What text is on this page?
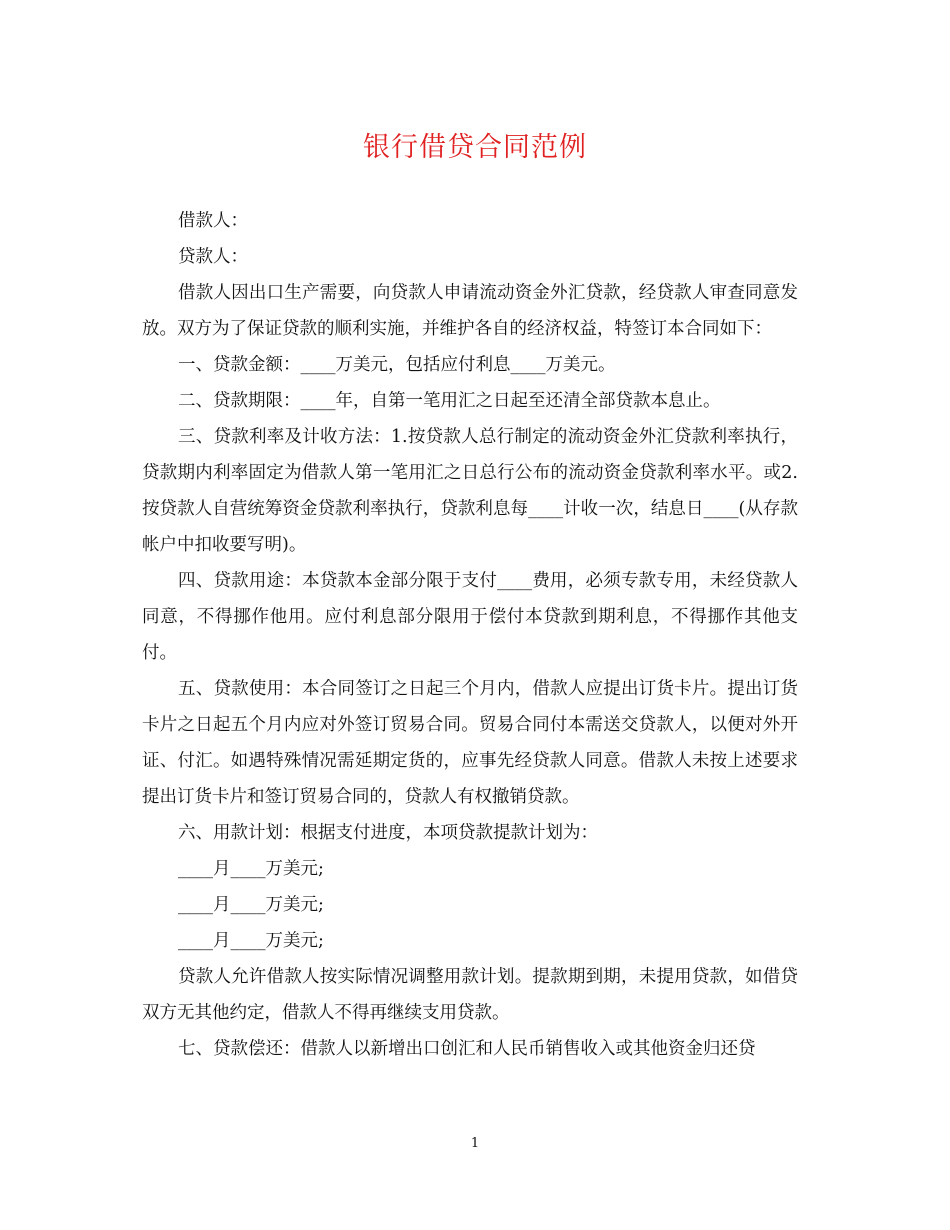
银行借贷合同范例

借款人：

贷款人：

借款人因出口生产需要，向贷款人申请流动资金外汇贷款，经贷款人审查同意发放。双方为了保证贷款的顺利实施，并维护各自的经济权益，特签订本合同如下：

一、贷款金额：____万美元，包括应付利息____万美元。

二、贷款期限：____年，自第一笔用汇之日起至还清全部贷款本息止。

三、贷款利率及计收方法：1.按贷款人总行制定的流动资金外汇贷款利率执行，贷款期内利率固定为借款人第一笔用汇之日总行公布的流动资金贷款利率水平。或2.按贷款人自营统筹资金贷款利率执行，贷款利息每____计收一次，结息日____(从存款帐户中扣收要写明)。

四、贷款用途：本贷款本金部分限于支付____费用，必须专款专用，未经贷款人同意，不得挪作他用。应付利息部分限用于偿付本贷款到期利息，不得挪作其他支付。

五、贷款使用：本合同签订之日起三个月内，借款人应提出订货卡片。提出订货卡片之日起五个月内应对外签订贸易合同。贸易合同付本需送交贷款人，以便对外开证、付汇。如遇特殊情况需延期定货的，应事先经贷款人同意。借款人未按上述要求提出订货卡片和签订贸易合同的，贷款人有权撤销贷款。

六、用款计划：根据支付进度，本项贷款提款计划为：

____月____万美元;

____月____万美元;

____月____万美元;

贷款人允许借款人按实际情况调整用款计划。提款期到期，未提用贷款，如借贷双方无其他约定，借款人不得再继续支用贷款。

七、贷款偿还：借款人以新增出口创汇和人民币销售收入或其他资金归还贷

1
